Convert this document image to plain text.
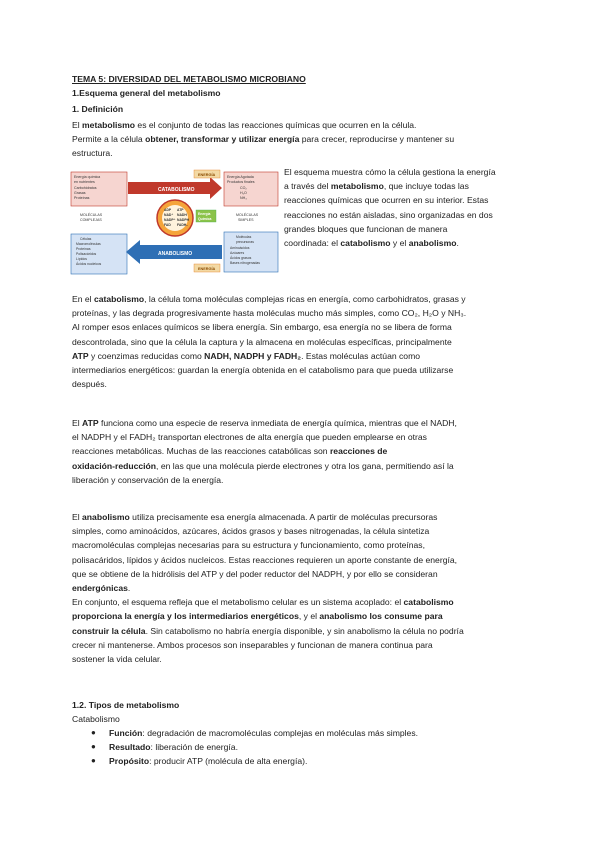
TEMA 5: DIVERSIDAD DEL METABOLISMO MICROBIANO

1.Esquema general del metabolismo

1. Definición

El metabolismo es el conjunto de todas las reacciones químicas que ocurren en la célula.

Permite a la célula obtener, transformar y utilizar energía para crecer, reproducirse y mantener su

estructura.

Energía química
en nutrientes
Carbohidratos
Grasas
Proteínas
CATABOLISMO
ENERGÍA	Energía Agotada
Productos finales
CO₂
H₂O
NH₃
ADP
NAD⁺
NADP⁺
FAD
ATP
NADH
NADPH
FADH₂
Energía
Química
MOLÉCULAS
COMPLEJAS
MOLÉCULAS
SIMPLES
Células
Macromoléculas
Proteínas
Polisacáridos
Lípidos
Ácidos nucleicos
ANABOLISMO
ENERGÍA
Moléculas
precursoras
Aminoácidos
Azúcares
Ácidos grasos
Bases nitrogenadas

El esquema muestra cómo la célula gestiona la energía

a través del metabolismo, que incluye todas las

reacciones químicas que ocurren en su interior. Estas

reacciones no están aisladas, sino organizadas en dos

grandes bloques que funcionan de manera

coordinada: el catabolismo y el anabolismo.

En el catabolismo, la célula toma moléculas complejas ricas en energía, como carbohidratos, grasas y

proteínas, y las degrada progresivamente hasta moléculas mucho más simples, como CO₂, H₂O y NH₃.

Al romper esos enlaces químicos se libera energía. Sin embargo, esa energía no se libera de forma

descontrolada, sino que la célula la captura y la almacena en moléculas específicas, principalmente

ATP y coenzimas reducidas como NADH, NADPH y FADH₂. Estas moléculas actúan como

intermediarios energéticos: guardan la energía obtenida en el catabolismo para que pueda utilizarse

después.

El ATP funciona como una especie de reserva inmediata de energía química, mientras que el NADH,

el NADPH y el FADH₂ transportan electrones de alta energía que pueden emplearse en otras

reacciones metabólicas. Muchas de las reacciones catabólicas son reacciones de

oxidación-reducción, en las que una molécula pierde electrones y otra los gana, permitiendo así la

liberación y conservación de la energía.

El anabolismo utiliza precisamente esa energía almacenada. A partir de moléculas precursoras

simples, como aminoácidos, azúcares, ácidos grasos y bases nitrogenadas, la célula sintetiza

macromoléculas complejas necesarias para su estructura y funcionamiento, como proteínas,

polisacáridos, lípidos y ácidos nucleicos. Estas reacciones requieren un aporte constante de energía,

que se obtiene de la hidrólisis del ATP y del poder reductor del NADPH, y por ello se consideran

endergónicas.

En conjunto, el esquema refleja que el metabolismo celular es un sistema acoplado: el catabolismo

proporciona la energía y los intermediarios energéticos, y el anabolismo los consume para

construir la célula. Sin catabolismo no habría energía disponible, y sin anabolismo la célula no podría

crecer ni mantenerse. Ambos procesos son inseparables y funcionan de manera continua para

sostener la vida celular.

1.2. Tipos de metabolismo

Catabolismo

● Función: degradación de macromoléculas complejas en moléculas más simples.
● Resultado: liberación de energía.
● Propósito: producir ATP (molécula de alta energía).
